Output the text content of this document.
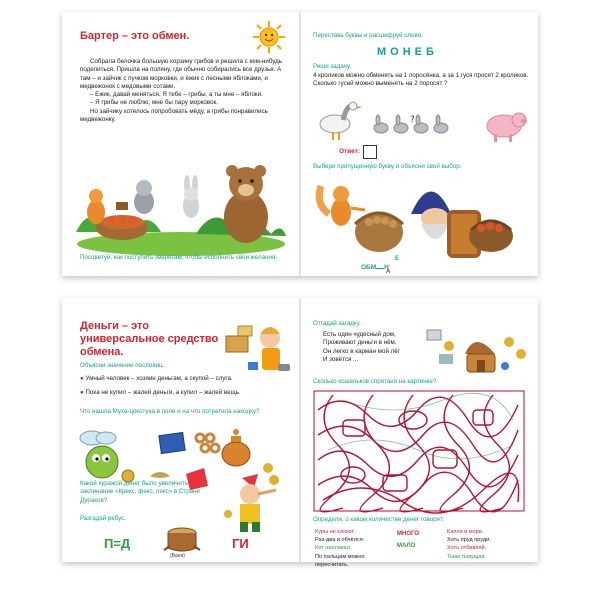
Бартер – это обмен.

Собрала белочка большую корзину грибов и решила с кем-нибудь поделиться. Пришла на поляну, где обычно собирались все друзья. А там – и зайчик с пучком морковки, и ёжик с лесными яблоками, и медвежонок с медовыми сотами.

– Ежик, давай меняться. Я тебе – грибы, а ты мне – яблоки.

– Я грибы не люблю, мне бы пару морковок.

Но зайчику хотелось попробовать мёду, а грибы понравились медвежонку.

Посоветуй, как поступить зверятам, чтобы исполнить свои желания.
Переставь буквы и расшифруй слово.
МОНЕБ
Реши задачу.
4 кроликов можно обменять на 1 поросёнка, а за 1 гуся просят 2 кроликов. Сколько гусей можно выменять на 2 поросят ?
?
Ответ:
Выбери пропущенную букву и объясни свой выбор.
ОБМ Н
Е
А
Деньги – это универсальное средство обмена.
Объясни значение пословиц.
● Умный человек – хозяин деньгам, а скупой – слуга.
● Пока не купил – жалей деньги, а купил – жалей вещь.
Что нашла Муха-цокотуха в поле и на что потратила находку?
Какой куражой денег было увеличить заклинание «Крекс, фекс, пекс» в Стране Дураков?
Разгадай ребус.
П=Д
(Ваня)
ГИ
Отгадай загадку.
Есть один чудесный дом,
Проживают деньги в нём.
Он легко в карман мой лёг
И зовётся ...
Сколько кошельков спрятано на картинке?
Определи, о каком количестве денег говорят:
Куры не клюют.
Раз-два и обчёлся.
Кот наплакал.
По пальцам можно пересчитать.
МНОГО
МАЛО
Капля в море.
Хоть пруд пруди.
Хоть отбавляй.
Тьма тьмущая.
